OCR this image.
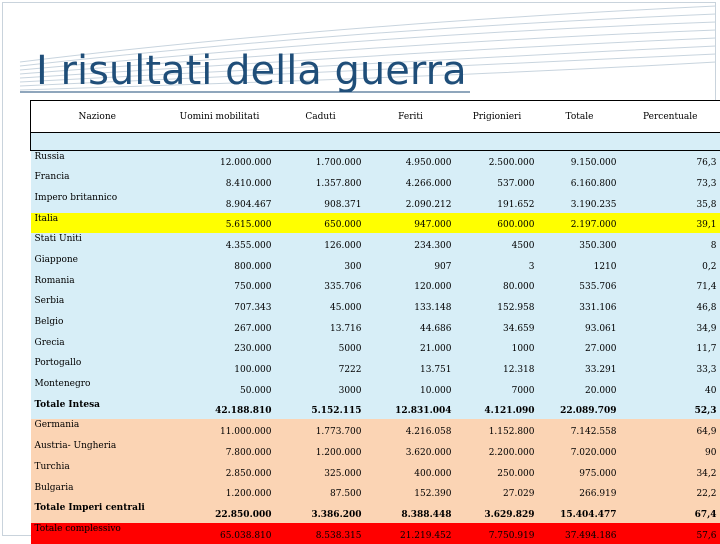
I risultati della guerra
Nazione	Uomini mobilitati	Caduti	Feriti	Prigionieri	Totale	Percentuale

Russia	12.000.000	1.700.000	4.950.000	2.500.000	9.150.000	76,3
Francia	8.410.000	1.357.800	4.266.000	537.000	6.160.800	73,3
Impero britannico	8.904.467	908.371	2.090.212	191.652	3.190.235	35,8
Italia	5.615.000	650.000	947.000	600.000	2.197.000	39,1
Stati Uniti	4.355.000	126.000	234.300	4500	350.300	8
Giappone	800.000	300	907	3	1210	0,2
Romania	750.000	335.706	120.000	80.000	535.706	71,4
Serbia	707.343	45.000	133.148	152.958	331.106	46,8
Belgio	267.000	13.716	44.686	34.659	93.061	34,9
Grecia	230.000	5000	21.000	1000	27.000	11,7
Portogallo	100.000	7222	13.751	12.318	33.291	33,3
Montenegro	50.000	3000	10.000	7000	20.000	40
Totale Intesa	42.188.810	5.152.115	12.831.004	4.121.090	22.089.709	52,3
Germania	11.000.000	1.773.700	4.216.058	1.152.800	7.142.558	64,9
Austria- Ungheria	7.800.000	1.200.000	3.620.000	2.200.000	7.020.000	90
Turchia	2.850.000	325.000	400.000	250.000	975.000	34,2
Bulgaria	1.200.000	87.500	152.390	27.029	266.919	22,2
Totale Imperi centrali	22.850.000	3.386.200	8.388.448	3.629.829	15.404.477	67,4
Totale complessivo	65.038.810	8.538.315	21.219.452	7.750.919	37.494.186	57,6
